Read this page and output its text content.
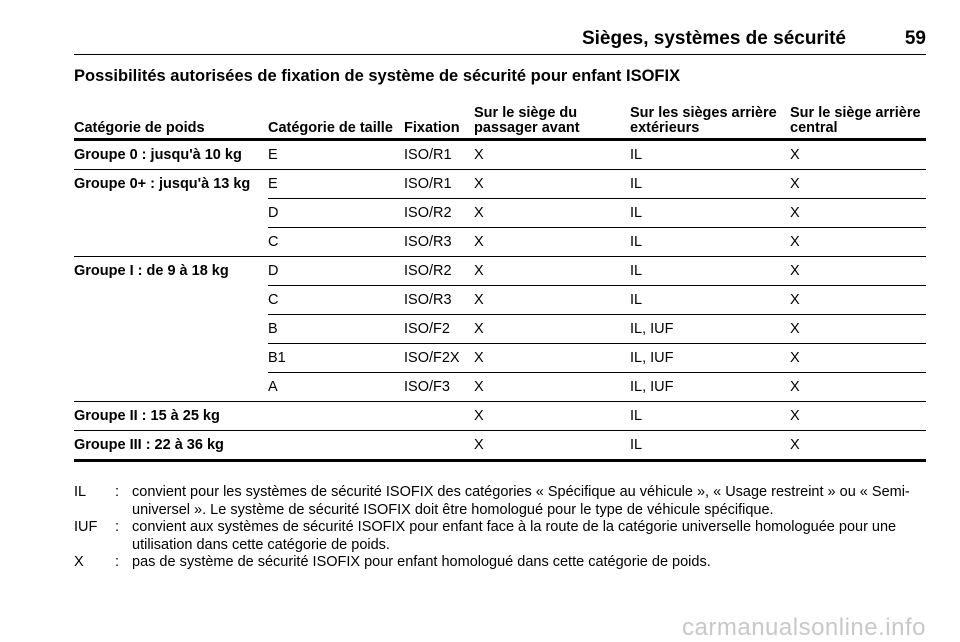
Sièges, systèmes de sécurité	59
Possibilités autorisées de fixation de système de sécurité pour enfant ISOFIX
Catégorie de poids	Catégorie de taille	Fixation	Sur le siège du passager avant	Sur les sièges arrière extérieurs	Sur le siège arrière central
Groupe 0 : jusqu'à 10 kg	E	ISO/R1	X	IL	X
Groupe 0+ : jusqu'à 13 kg	E	ISO/R1	X	IL	X
	D	ISO/R2	X	IL	X
	C	ISO/R3	X	IL	X
Groupe I : de 9 à 18 kg	D	ISO/R2	X	IL	X
	C	ISO/R3	X	IL	X
	B	ISO/F2	X	IL, IUF	X
	B1	ISO/F2X	X	IL, IUF	X
	A	ISO/F3	X	IL, IUF	X
Groupe II : 15 à 25 kg			X	IL	X
Groupe III : 22 à 36 kg			X	IL	X
IL	: convient pour les systèmes de sécurité ISOFIX des catégories « Spécifique au véhicule », « Usage restreint » ou « Semi-universel ». Le système de sécurité ISOFIX doit être homologué pour le type de véhicule spécifique.
IUF	: convient aux systèmes de sécurité ISOFIX pour enfant face à la route de la catégorie universelle homologuée pour une utilisation dans cette catégorie de poids.
X	: pas de système de sécurité ISOFIX pour enfant homologué dans cette catégorie de poids.
carmanualsonline.info
